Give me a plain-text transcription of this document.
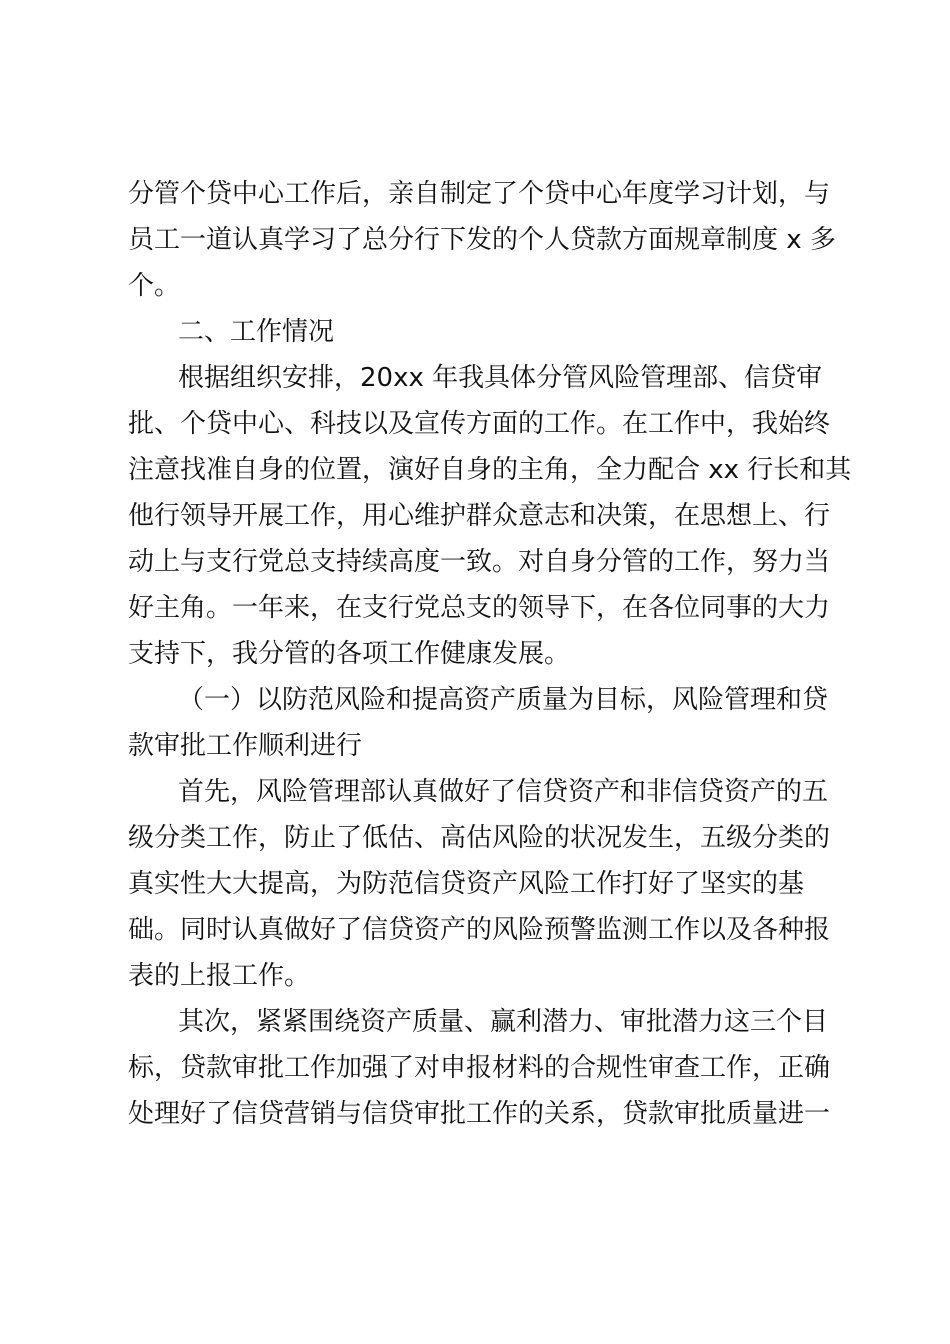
分管个贷中心工作后，亲自制定了个贷中心年度学习计划，与
员工一道认真学习了总分行下发的个人贷款方面规章制度 x 多
个。
二、工作情况
根据组织安排，20xx 年我具体分管风险管理部、信贷审
批、个贷中心、科技以及宣传方面的工作。在工作中，我始终
注意找准自身的位置，演好自身的主角，全力配合 xx 行长和其
他行领导开展工作，用心维护群众意志和决策，在思想上、行
动上与支行党总支持续高度一致。对自身分管的工作，努力当
好主角。一年来，在支行党总支的领导下，在各位同事的大力
支持下，我分管的各项工作健康发展。
（一）以防范风险和提高资产质量为目标，风险管理和贷
款审批工作顺利进行
首先，风险管理部认真做好了信贷资产和非信贷资产的五
级分类工作，防止了低估、高估风险的状况发生，五级分类的
真实性大大提高，为防范信贷资产风险工作打好了坚实的基
础。同时认真做好了信贷资产的风险预警监测工作以及各种报
表的上报工作。
其次，紧紧围绕资产质量、赢利潜力、审批潜力这三个目
标，贷款审批工作加强了对申报材料的合规性审查工作，正确
处理好了信贷营销与信贷审批工作的关系，贷款审批质量进一
